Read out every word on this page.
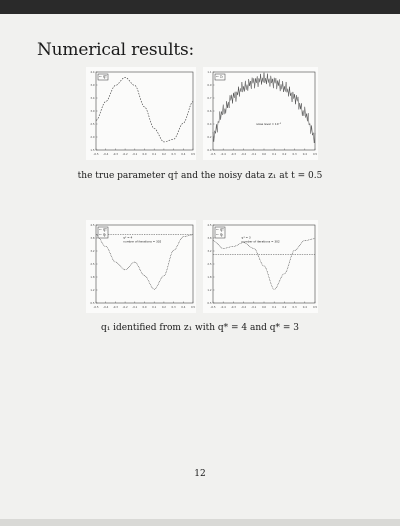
Numerical results:
-0.5 -0.4 -0.3 -0.2 -0.1 0.0 0.1 0.2 0.3 0.4 0.5
1.5
2.0
2.5
3.0
3.4
3.9
4.4
q†
-0.5 -0.4 -0.3 -0.2 -0.1 0.0 0.1 0.2 0.3 0.4 0.5
0.0
0.2
0.4
0.6
0.7
0.9
1.1
noise level ≈ 10⁻²
z₁
the true parameter q† and the noisy data z₁ at t = 0.5
-0.5 -0.4 -0.3 -0.2 -0.1 0.0 0.1 0.2 0.3 0.4 0.5
0.5
1.2
1.8
2.5
3.2
3.8
4.5
q* = 4
number of iterations = 302
q†
q₁
-0.5 -0.4 -0.3 -0.2 -0.1 0.0 0.1 0.2 0.3 0.4 0.5
0.5
1.2
1.8
2.5
3.2
3.8
4.5
q* = 3
number of iterations = 302
q†
q₁
q₁ identified from z₁ with q* = 4 and q* = 3
12
